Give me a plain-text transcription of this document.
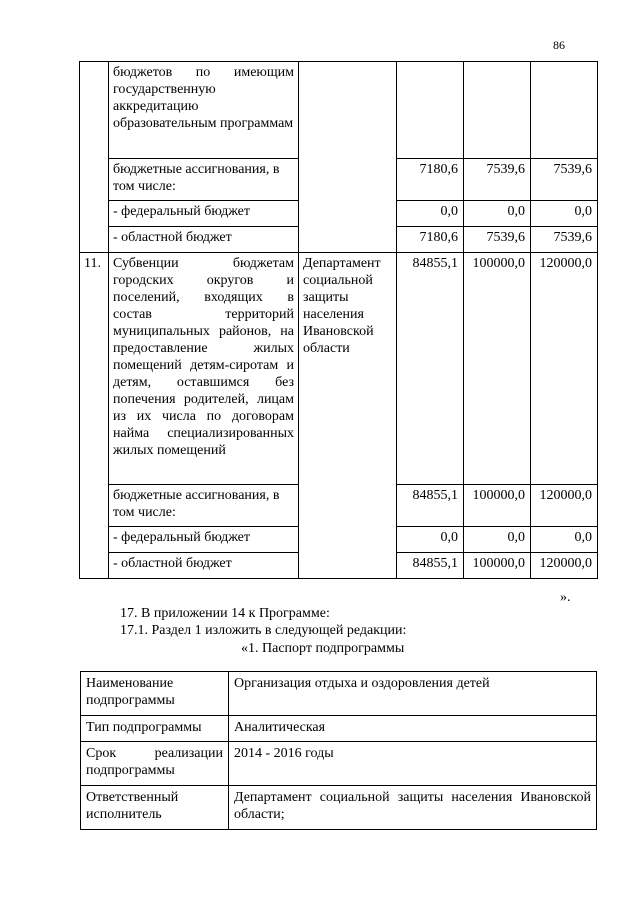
86
	бюджетов по имеющим государственную аккредитацию образовательным программам				
	бюджетные ассигнования, в том числе:		7180,6	7539,6	7539,6
	- федеральный бюджет		0,0	0,0	0,0
	- областной бюджет		7180,6	7539,6	7539,6
11.	Субвенции бюджетам городских округов и поселений, входящих в состав территорий муниципальных районов, на предоставление жилых помещений детям-сиротам и детям, оставшимся без попечения родителей, лицам из их числа по договорам найма специализированных жилых помещений	Департамент социальной защиты населения Ивановской области	84855,1	100000,0	120000,0
	бюджетные ассигнования, в том числе:		84855,1	100000,0	120000,0
	- федеральный бюджет		0,0	0,0	0,0
	- областной бюджет		84855,1	100000,0	120000,0
».
17. В приложении 14 к Программе:
17.1. Раздел 1 изложить в следующей редакции:
«1. Паспорт подпрограммы
Наименование подпрограммы	Организация отдыха и оздоровления детей
Тип подпрограммы	Аналитическая
Срок реализации подпрограммы	2014 - 2016 годы
Ответственный исполнитель	Департамент социальной защиты населения Ивановской области;
